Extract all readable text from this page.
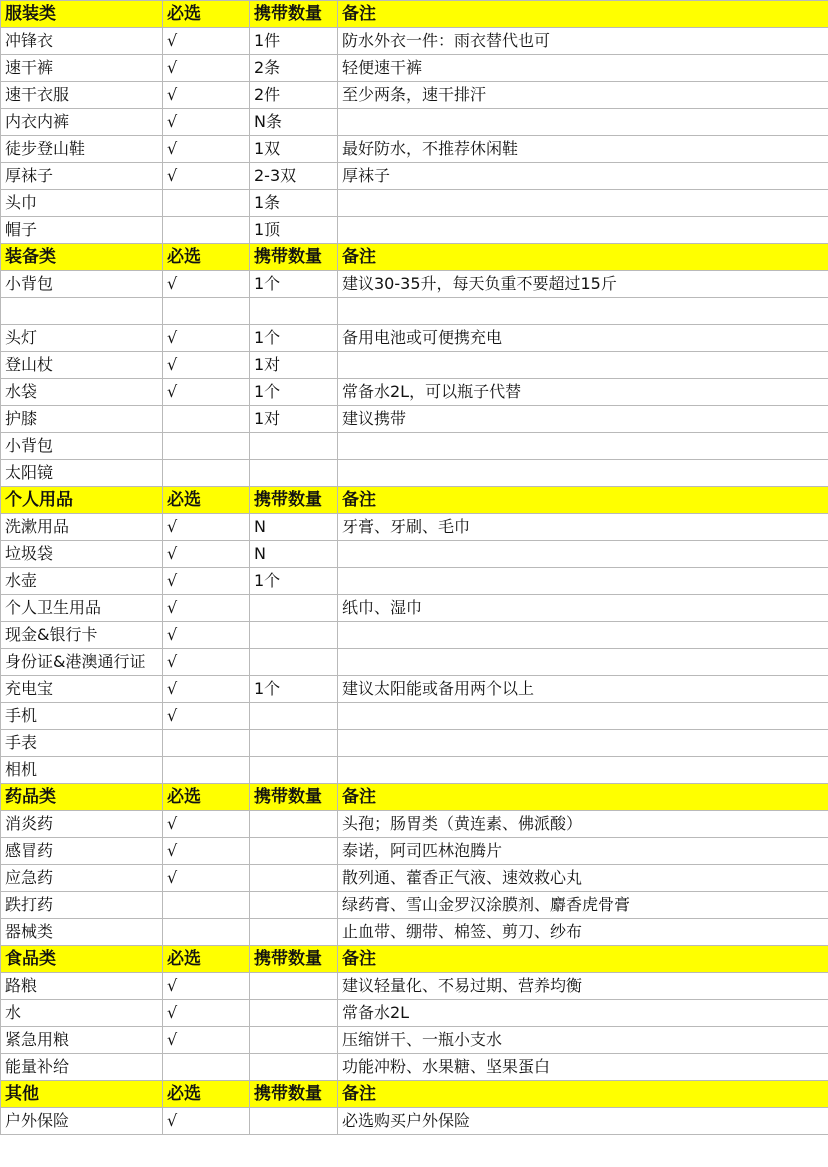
服装类	必选	携带数量	备注
冲锋衣	√	1件	防水外衣一件：雨衣替代也可
速干裤	√	2条	轻便速干裤
速干衣服	√	2件	至少两条，速干排汗
内衣内裤	√	N条	
徒步登山鞋	√	1双	最好防水，不推荐休闲鞋
厚袜子	√	2-3双	厚袜子
头巾		1条	
帽子		1顶	
装备类	必选	携带数量	备注
小背包	√	1个	建议30-35升，每天负重不要超过15斤

头灯	√	1个	备用电池或可便携充电
登山杖	√	1对	
水袋	√	1个	常备水2L，可以瓶子代替
护膝		1对	建议携带
小背包			
太阳镜			
个人用品	必选	携带数量	备注
洗漱用品	√	N	牙膏、牙刷、毛巾
垃圾袋	√	N	
水壶	√	1个	
个人卫生用品	√		纸巾、湿巾
现金&银行卡	√		
身份证&港澳通行证	√		
充电宝	√	1个	建议太阳能或备用两个以上
手机	√		
手表			
相机			
药品类	必选	携带数量	备注
消炎药	√		头孢；肠胃类（黄连素、佛派酸）
感冒药	√		泰诺，阿司匹林泡腾片
应急药	√		散列通、藿香正气液、速效救心丸
跌打药			绿药膏、雪山金罗汉涂膜剂、麝香虎骨膏
器械类			止血带、绷带、棉签、剪刀、纱布
食品类	必选	携带数量	备注
路粮	√		建议轻量化、不易过期、营养均衡
水	√		常备水2L
紧急用粮	√		压缩饼干、一瓶小支水
能量补给			功能冲粉、水果糖、坚果蛋白
其他	必选	携带数量	备注
户外保险	√		必选购买户外保险
